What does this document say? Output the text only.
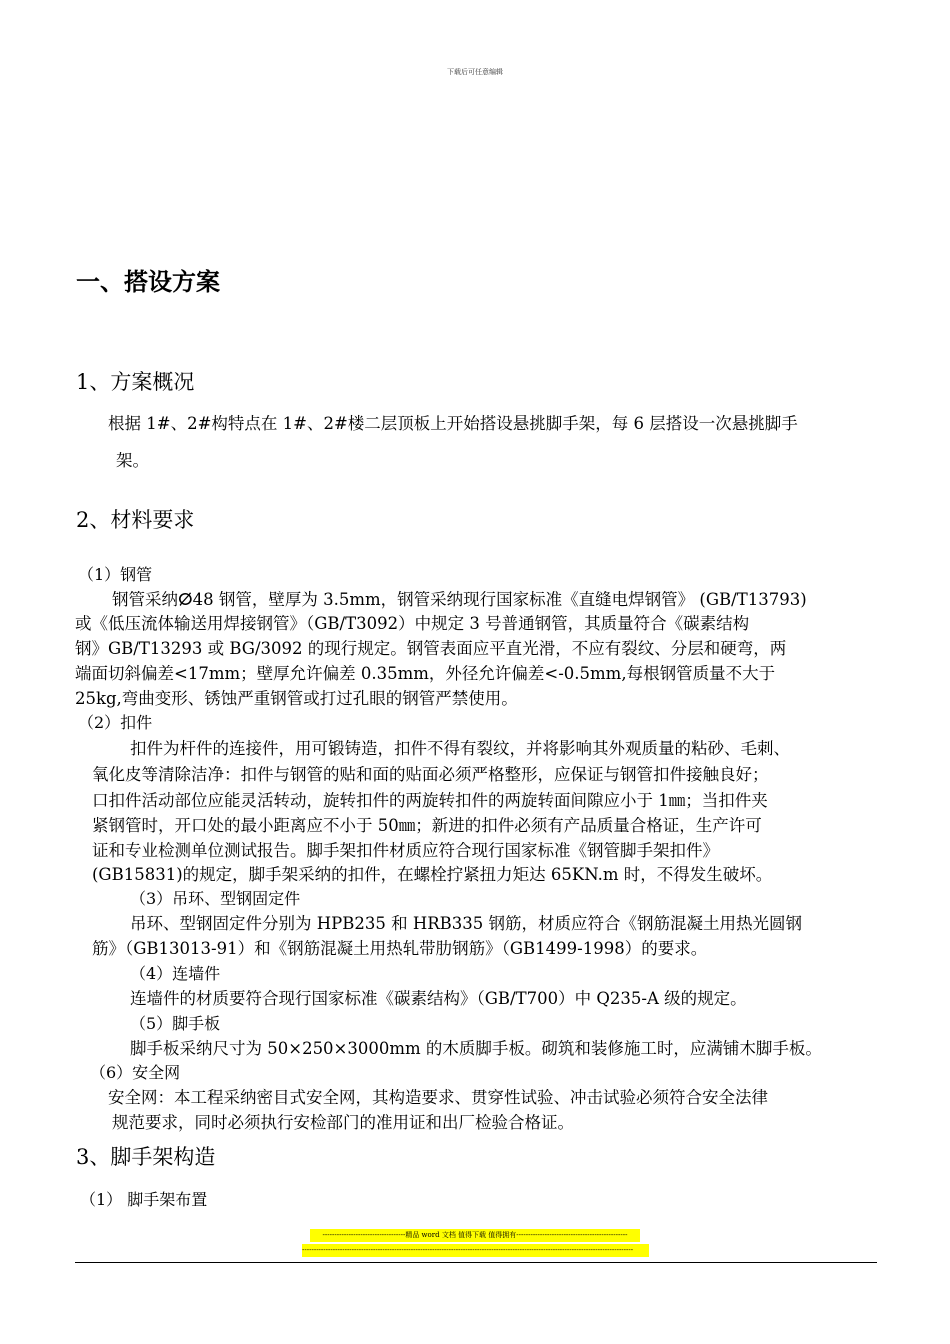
下载后可任意编辑
一、搭设方案
1、方案概况
根据 1#、2#构特点在 1#、2#楼二层顶板上开始搭设悬挑脚手架，每 6 层搭设一次悬挑脚手
架。
2、材料要求
（1）钢管
钢管采纳ⵁ48 钢管，壁厚为 3.5mm，钢管采纳现行国家标准《直缝电焊钢管》 (GB/T13793)
或《低压流体输送用焊接钢管》（GB/T3092）中规定 3 号普通钢管，其质量符合《碳素结构
钢》GB/T13293 或 BG/3092 的现行规定。钢管表面应平直光滑，不应有裂纹、分层和硬弯，两
端面切斜偏差<17mm；壁厚允许偏差 0.35mm，外径允许偏差<-0.5mm,每根钢管质量不大于
25kg,弯曲变形、锈蚀严重钢管或打过孔眼的钢管严禁使用。
（2）扣件
扣件为杆件的连接件，用可锻铸造，扣件不得有裂纹，并将影响其外观质量的粘砂、毛刺、
氧化皮等清除洁净：扣件与钢管的贴和面的贴面必须严格整形，应保证与钢管扣件接触良好；
口扣件活动部位应能灵活转动，旋转扣件的两旋转扣件的两旋转面间隙应小于 1㎜；当扣件夹
紧钢管时，开口处的最小距离应不小于 50㎜；新进的扣件必须有产品质量合格证，生产许可
证和专业检测单位测试报告。脚手架扣件材质应符合现行国家标准《钢管脚手架扣件》
(GB15831)的规定，脚手架采纳的扣件，在螺栓拧紧扭力矩达 65KN.m 时，不得发生破坏。
（3）吊环、型钢固定件
吊环、型钢固定件分别为 HPB235 和 HRB335 钢筋，材质应符合《钢筋混凝土用热光圆钢
筋》（GB13013-91）和《钢筋混凝土用热轧带肋钢筋》（GB1499-1998）的要求。
（4）连墙件
连墙件的材质要符合现行国家标准《碳素结构》（GB/T700）中 Q235-A 级的规定。
（5）脚手板
脚手板采纳尺寸为 50×250×3000mm 的木质脚手板。砌筑和装修施工时，应满铺木脚手板。
（6）安全网
安全网：本工程采纳密目式安全网，其构造要求、贯穿性试验、冲击试验必须符合安全法律
规范要求，同时必须执行安检部门的准用证和出厂检验合格证。
3、脚手架构造
（1） 脚手架布置
-----------------------------------精品 word 文档 值得下载 值得拥有-----------------------------------------------
--------------------------------------------------------------------------------------------------------------------------------------------
